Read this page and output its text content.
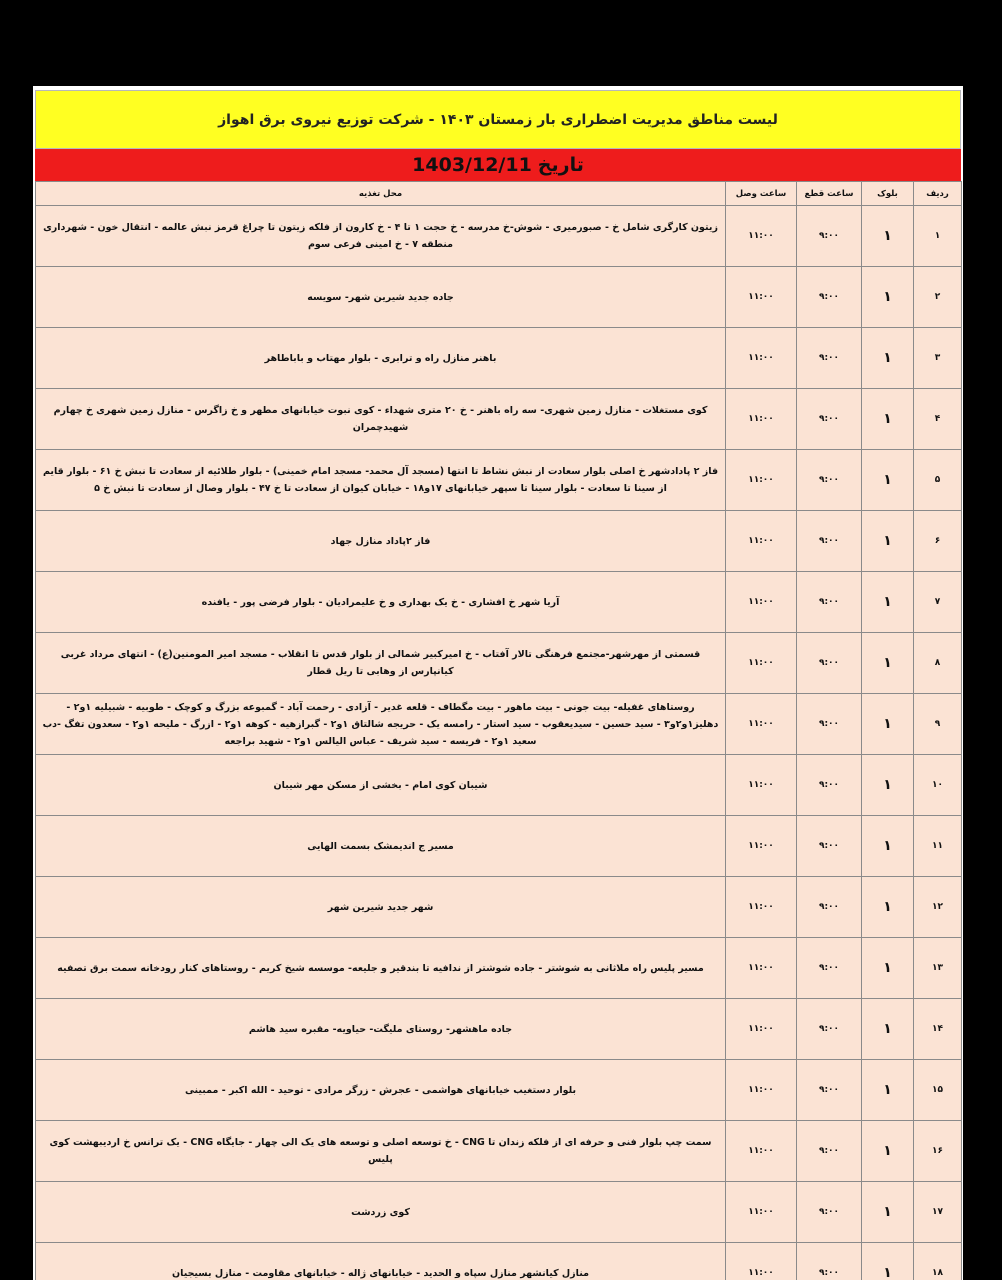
لیست مناطق مدیریت اضطراری بار زمستان ۱۴۰۳ - شرکت توزیع نیروی برق اهواز
تاریخ
1403/12/11
ردیف	بلوک	ساعت قطع	ساعت وصل	محل تغذیه
۱	۱	۹:۰۰	۱۱:۰۰	زیتون کارگری شامل خ - صبورمیری - شوش-خ مدرسه - خ حجت ۱ تا ۴ - خ کارون از فلکه زیتون تا چراغ قرمز نبش عالمه - انتقال خون - شهرداری منطقه ۷ - خ امینی فرعی سوم
۲	۱	۹:۰۰	۱۱:۰۰	جاده جدید شیرین شهر- سویسه
۳	۱	۹:۰۰	۱۱:۰۰	باهنر منازل راه و ترابری - بلوار مهتاب و باباطاهر
۴	۱	۹:۰۰	۱۱:۰۰	کوی مستغلات - منازل زمین شهری- سه راه باهنر - خ ۲۰ متری شهداء - کوی نبوت خیابانهای مطهر و خ زاگرس - منازل زمین شهری خ چهارم شهیدچمران
۵	۱	۹:۰۰	۱۱:۰۰	فاز ۲ پادادشهر خ اصلی بلوار سعادت از نبش نشاط تا انتها (مسجد آل محمد- مسجد امام خمینی) - بلوار طلائیه از سعادت تا نبش خ ۶۱ - بلوار قایم از سینا تا سعادت - بلوار سینا تا سپهر خیابانهای ۱۷و۱۸ - خیابان کیوان از سعادت تا خ ۴۷ - بلوار وصال از سعادت تا نبش خ ۵
۶	۱	۹:۰۰	۱۱:۰۰	فاز ۲پاداد منازل جهاد
۷	۱	۹:۰۰	۱۱:۰۰	آریا شهر خ افشاری - خ یک بهداری و خ علیمرادیان - بلوار فرضی پور - یافنده
۸	۱	۹:۰۰	۱۱:۰۰	قسمتی از مهرشهر-مجتمع فرهنگی تالار آفتاب - خ امیرکبیر شمالی از بلوار قدس تا انقلاب - مسجد امیر المومنین(ع) - انتهای مرداد غربی کیانپارس از وهابی تا ریل قطار
۹	۱	۹:۰۰	۱۱:۰۰	روستاهای غفیله- بیت جونی - بیت ماهور - بیت مگطاف - قلعه غدیر - آزادی - رحمت آباد - گمبوعه بزرگ و کوچک - طوبیه - شبیلیه ۱و۲ - دهلیز۱و۲و۳ - سید حسین - سیدیعقوب - سید استار - رامسه یک - حریجه شالتاق ۱و۲ - گبرازهیه - کوهه ۱و۲ - ازرگ - ملیحه ۱و۲ - سعدون تفگ -دب سعید ۱و۲ - فریسه - سید شریف - عباس الیالس ۱و۲ - شهید براجعه
۱۰	۱	۹:۰۰	۱۱:۰۰	شیبان کوی امام - بخشی از مسکن مهر شیبان
۱۱	۱	۹:۰۰	۱۱:۰۰	مسیر ج اندیمشک بسمت الهایی
۱۲	۱	۹:۰۰	۱۱:۰۰	شهر جدید شیرین شهر
۱۳	۱	۹:۰۰	۱۱:۰۰	مسیر پلیس راه ملاثانی به شوشتر - جاده شوشتر از ندافیه تا بندقیر و جلیعه- موسسه شیخ کریم - روستاهای کنار رودخانه سمت برق تصفیه
۱۴	۱	۹:۰۰	۱۱:۰۰	جاده ماهشهر- روستای ملیگت- حیاویه- مقبره سید هاشم
۱۵	۱	۹:۰۰	۱۱:۰۰	بلوار دستغیب خیابانهای هواشمی - عجرش - زرگر مرادی - توحید - الله اکبر - ممبینی
۱۶	۱	۹:۰۰	۱۱:۰۰	سمت چپ بلوار فنی و حرفه ای از فلکه زندان تا CNG - خ توسعه اصلی و توسعه های یک الی چهار - جایگاه CNG - یک ترانس خ اردیبهشت کوی پلیس
۱۷	۱	۹:۰۰	۱۱:۰۰	کوی زردشت
۱۸	۱	۹:۰۰	۱۱:۰۰	منازل کیانشهر منازل سپاه و الحدید - خیابانهای ژاله - خیابانهای مقاومت - منازل بسیجیان
